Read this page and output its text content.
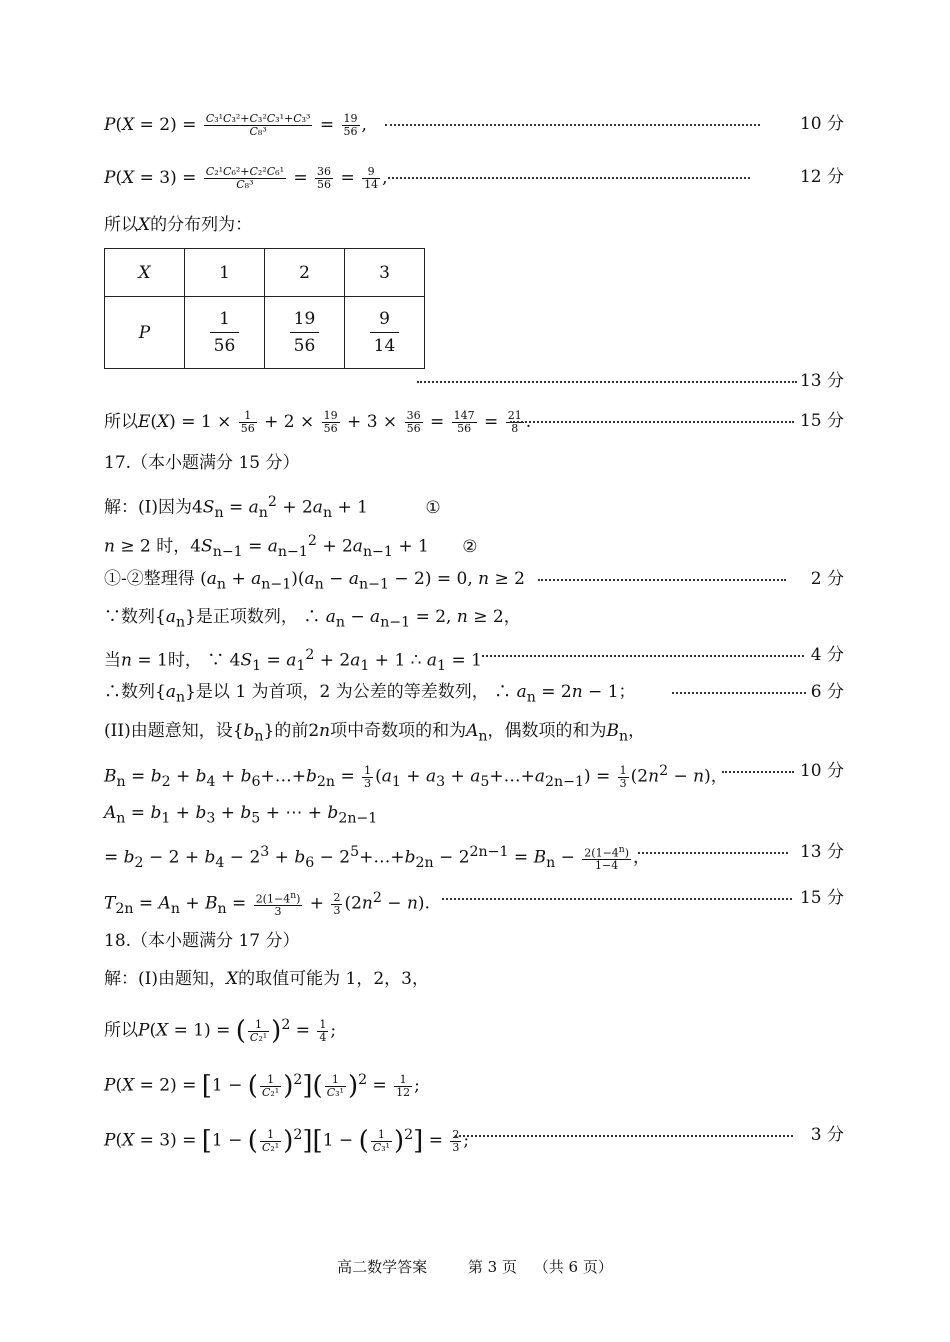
$P(X = 2) = \frac{\text{C₃¹C₃²+C₃²C₃¹+C₃³}}{\text{C₈³}} = \frac{19}{56}$ ,	10 分
$P(X = 3) = \frac{\text{C₂¹C₆²+C₂²C₆¹}}{\text{C₈³}} = \frac{36}{56} = \frac{9}{14}$ ,	12 分
所以X的分布列为：
X	1	2	3
P	$\frac{1}{56}$	$\frac{19}{56}$	$\frac{9}{14}$
13 分
所以$E(X) = 1 \times \frac{1}{56} + 2 \times \frac{19}{56} + 3 \times \frac{36}{56} = \frac{147}{56} = \frac{21}{8}$ .	15 分
17.（本小题满分 15 分）
解：(I)因为$4S_n = a_n^2 + 2a_n + 1$	①
n ≥ 2 时，$4S_{n-1} = a_{n-1}^2 + 2a_{n-1} + 1$ ②
①-②整理得 $(a_n + a_{n-1})(a_n - a_{n-1} - 2) = 0$, n ≥ 2	2 分
∵数列$\{a_n\}$是正项数列， ∴ $a_n - a_{n-1} = 2$, n ≥ 2，
当n = 1时， ∵ $4S_1 = a_1^2 + 2a_1 + 1$ ∴ $a_1 = 1$	4 分
∴数列$\{a_n\}$是以 1 为首项，2 为公差的等差数列， ∴ $a_n = 2n - 1$；	6 分
(II)由题意知，设$\{b_n\}$的前2n项中奇数项的和为$A_n$，偶数项的和为$B_n$，
$B_n = b_2 + b_4$ + $b_6+\dots+b_{2n} = \frac{1}{3} (a_1 + a_3$ + $a_5+\dots+a_{2n-1}) = \frac{1}{3} (2n^2 - n)$，	10 分
$A_n = b_1 + b_3 + b_5$ + ⋯ + $b_{2n-1}$
= $b_2 - 2 + b_4 - 2^3 + b_6$ − $2^5+\dots+b_{2n} - 2^{2n-1} = B_n - \frac{2(1-4^n)}{1-4}$ ，	13 分
$T_{2n} = A_n + B_n = \frac{2(1-4^n)}{3} + \frac{2}{3} (2n^2 - n)$.	15 分
18.（本小题满分 17 分）
解：(I)由题知，X的取值可能为 1，2，3，
所以P(X = 1) = ( $\frac{1}{\text{C₂¹}} )^2 = \frac{1}{4}$ ;
P(X = 2) = [1 − ( $\frac{1}{\text{C₂¹}} )^2]( \frac{1}{\text{C₃¹}} )^2 = \frac{1}{12}$ ;
P(X = 3) = [1 − ( $\frac{1}{\text{C₂¹}} )^2][1$ − ( $\frac{1}{\text{C₃¹}} )^2] = \frac{2}{3}$ ;	3 分
高二数学答案	第 3 页 （共 6 页）
